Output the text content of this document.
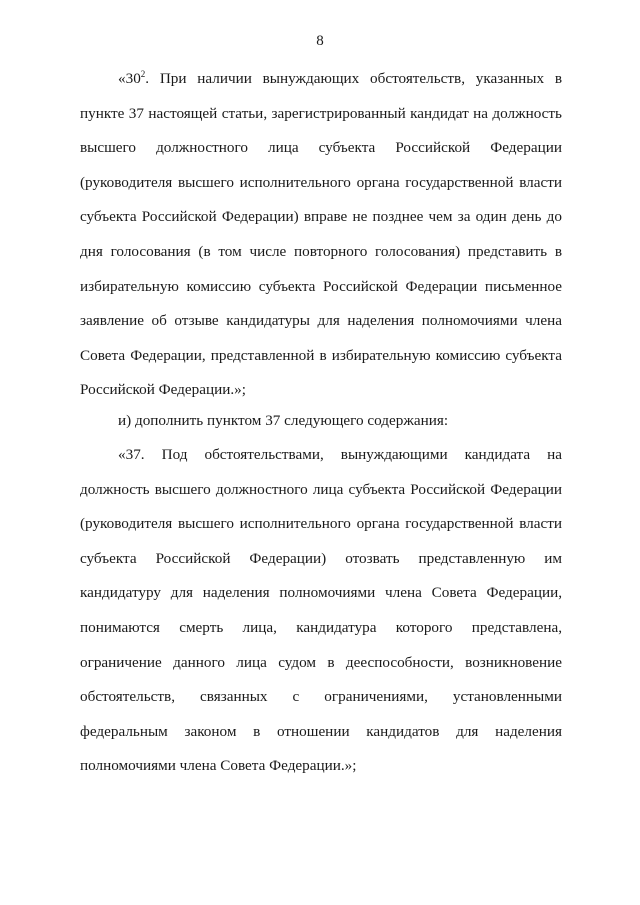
8

«$30^2$. При наличии вынуждающих обстоятельств, указанных в пункте 37 настоящей статьи, зарегистрированный кандидат на должность высшего должностного лица субъекта Российской Федерации (руководителя высшего исполнительного органа государственной власти субъекта Российской Федерации) вправе не позднее чем за один день до дня голосования (в том числе повторного голосования) представить в избирательную комиссию субъекта Российской Федерации письменное заявление об отзыве кандидатуры для наделения полномочиями члена Совета Федерации, представленной в избирательную комиссию субъекта Российской Федерации.»;

и) дополнить пунктом 37 следующего содержания:

«37. Под обстоятельствами, вынуждающими кандидата на должность высшего должностного лица субъекта Российской Федерации (руководителя высшего исполнительного органа государственной власти субъекта Российской Федерации) отозвать представленную им кандидатуру для наделения полномочиями члена Совета Федерации, понимаются смерть лица, кандидатура которого представлена, ограничение данного лица судом в дееспособности, возникновение обстоятельств, связанных с ограничениями, установленными федеральным законом в отношении кандидатов для наделения полномочиями члена Совета Федерации.»;
